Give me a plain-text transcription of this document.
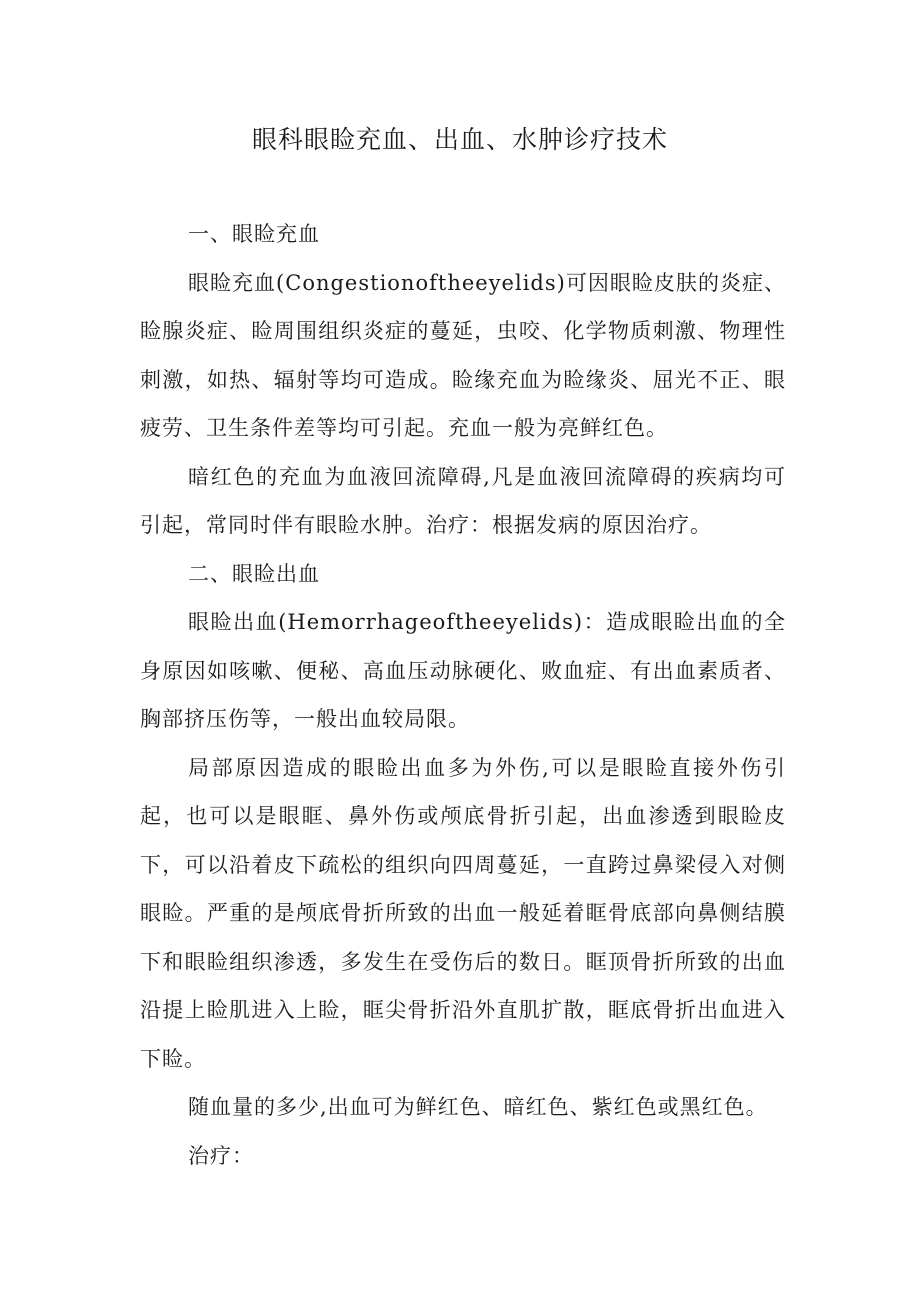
眼科眼睑充血、出血、水肿诊疗技术
一、眼睑充血

眼睑充血(Congestionoftheeyelids)可因眼睑皮肤的炎症、睑腺炎症、睑周围组织炎症的蔓延，虫咬、化学物质刺激、物理性刺激，如热、辐射等均可造成。睑缘充血为睑缘炎、屈光不正、眼疲劳、卫生条件差等均可引起。充血一般为亮鲜红色。

暗红色的充血为血液回流障碍,凡是血液回流障碍的疾病均可引起，常同时伴有眼睑水肿。治疗：根据发病的原因治疗。

二、眼睑出血

眼睑出血(Hemorrhageoftheeyelids)：造成眼睑出血的全身原因如咳嗽、便秘、高血压动脉硬化、败血症、有出血素质者、胸部挤压伤等，一般出血较局限。

局部原因造成的眼睑出血多为外伤,可以是眼睑直接外伤引起，也可以是眼眶、鼻外伤或颅底骨折引起，出血渗透到眼睑皮下，可以沿着皮下疏松的组织向四周蔓延，一直跨过鼻梁侵入对侧眼睑。严重的是颅底骨折所致的出血一般延着眶骨底部向鼻侧结膜下和眼睑组织渗透，多发生在受伤后的数日。眶顶骨折所致的出血沿提上睑肌进入上睑，眶尖骨折沿外直肌扩散，眶底骨折出血进入下睑。

随血量的多少,出血可为鲜红色、暗红色、紫红色或黑红色。

治疗：
